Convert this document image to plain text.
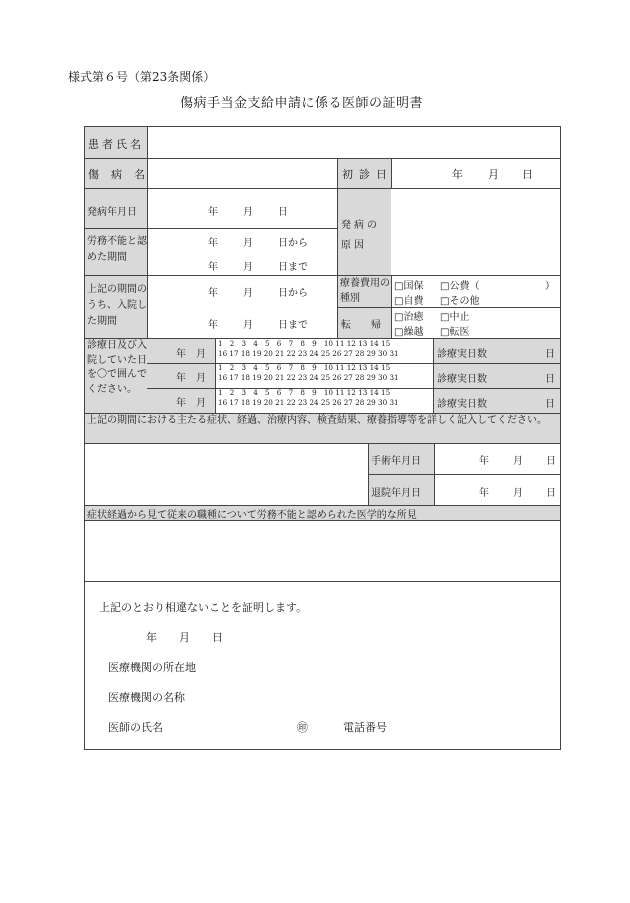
様式第６号（第23条関係）
傷病手当金支給申請に係る医師の証明書
患者氏名
傷病名	初診日	年 月 日
発病年月日	年	月	日
発病の原因
労務不能と認めた期間
年	月	日から
年	月	日まで
上記の期間のうち、入院した期間
年	月	日から
年	月	日まで
療養費用の種別
□国保 □公費（	）
□自費 □その他
転帰
□治癒 □中止
□繰越 □転医
診療日及び入院していた日を〇で囲んでください。
年　月
1　2　3　4　5　6　7　8　9　10 11 12 13 14 15
16 17 18 19 20 21 22 23 24 25 26 27 28 29 30 31	診療実日数	日
年　月
1　2　3　4　5　6　7　8　9　10 11 12 13 14 15
16 17 18 19 20 21 22 23 24 25 26 27 28 29 30 31	診療実日数	日
年　月
1　2　3　4　5　6　7　8　9　10 11 12 13 14 15
16 17 18 19 20 21 22 23 24 25 26 27 28 29 30 31	診療実日数	日
上記の期間における主たる症状、経過、治療内容、検査結果、療養指導等を詳しく記入してください。
手術年月日	年 月 日
退院年月日	年 月 日
症状経過から見て従来の職種について労務不能と認められた医学的な所見
上記のとおり相違ないことを証明します。
年　　月　　日
医療機関の所在地
医療機関の名称
医師の氏名	㊞	電話番号
